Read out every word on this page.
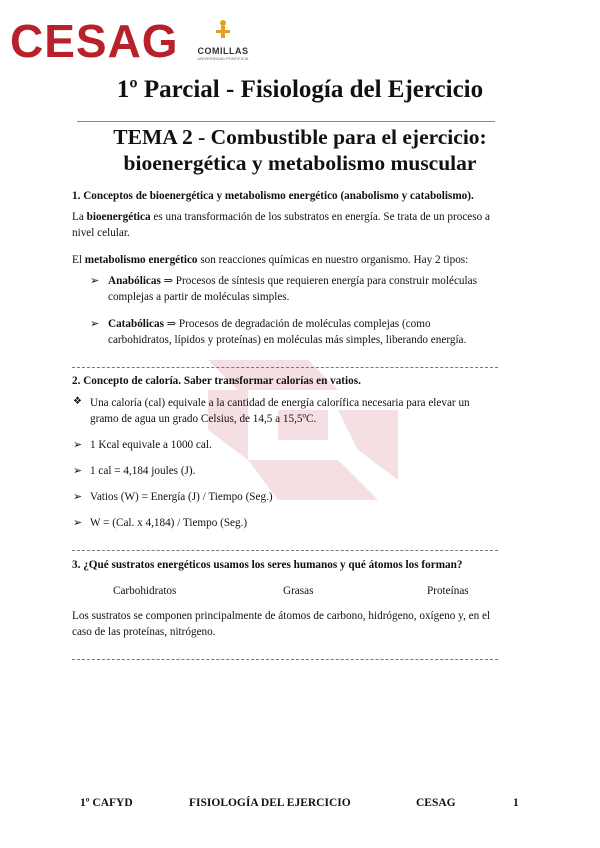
CESAG	COMILLAS
UNIVERSIDAD PONTIFICIA
1º Parcial - Fisiología del Ejercicio
TEMA 2 - Combustible para el ejercicio:
bioenergética y metabolismo muscular
1. Conceptos de bioenergética y metabolismo energético (anabolismo y catabolismo).
La bioenergética es una transformación de los substratos en energía. Se trata de un proceso a
nivel celular.
El metabolismo energético son reacciones químicas en nuestro organismo. Hay 2 tipos:
➢ Anabólicas ⇒ Procesos de síntesis que requieren energía para construir moléculas
complejas a partir de moléculas simples.
➢ Catabólicas ⇒ Procesos de degradación de moléculas complejas (como
carbohidratos, lípidos y proteínas) en moléculas más simples, liberando energía.
2. Concepto de caloría. Saber transformar calorías en vatios.
❖ Una caloría (cal) equivale a la cantidad de energía calorífica necesaria para elevar un
gramo de agua un grado Celsius, de 14,5 a 15,5ºC.
➢ 1 Kcal equivale a 1000 cal.
➢ 1 cal = 4,184 joules (J).
➢ Vatios (W) = Energía (J) / Tiempo (Seg.)
➢ W = (Cal. x 4,184) / Tiempo (Seg.)
3. ¿Qué sustratos energéticos usamos los seres humanos y qué átomos los forman?
Carbohidratos	Grasas	Proteínas
Los sustratos se componen principalmente de átomos de carbono, hidrógeno, oxígeno y, en el
caso de las proteínas, nitrógeno.
1º CAFYD	FISIOLOGÍA DEL EJERCICIO	CESAG	1
